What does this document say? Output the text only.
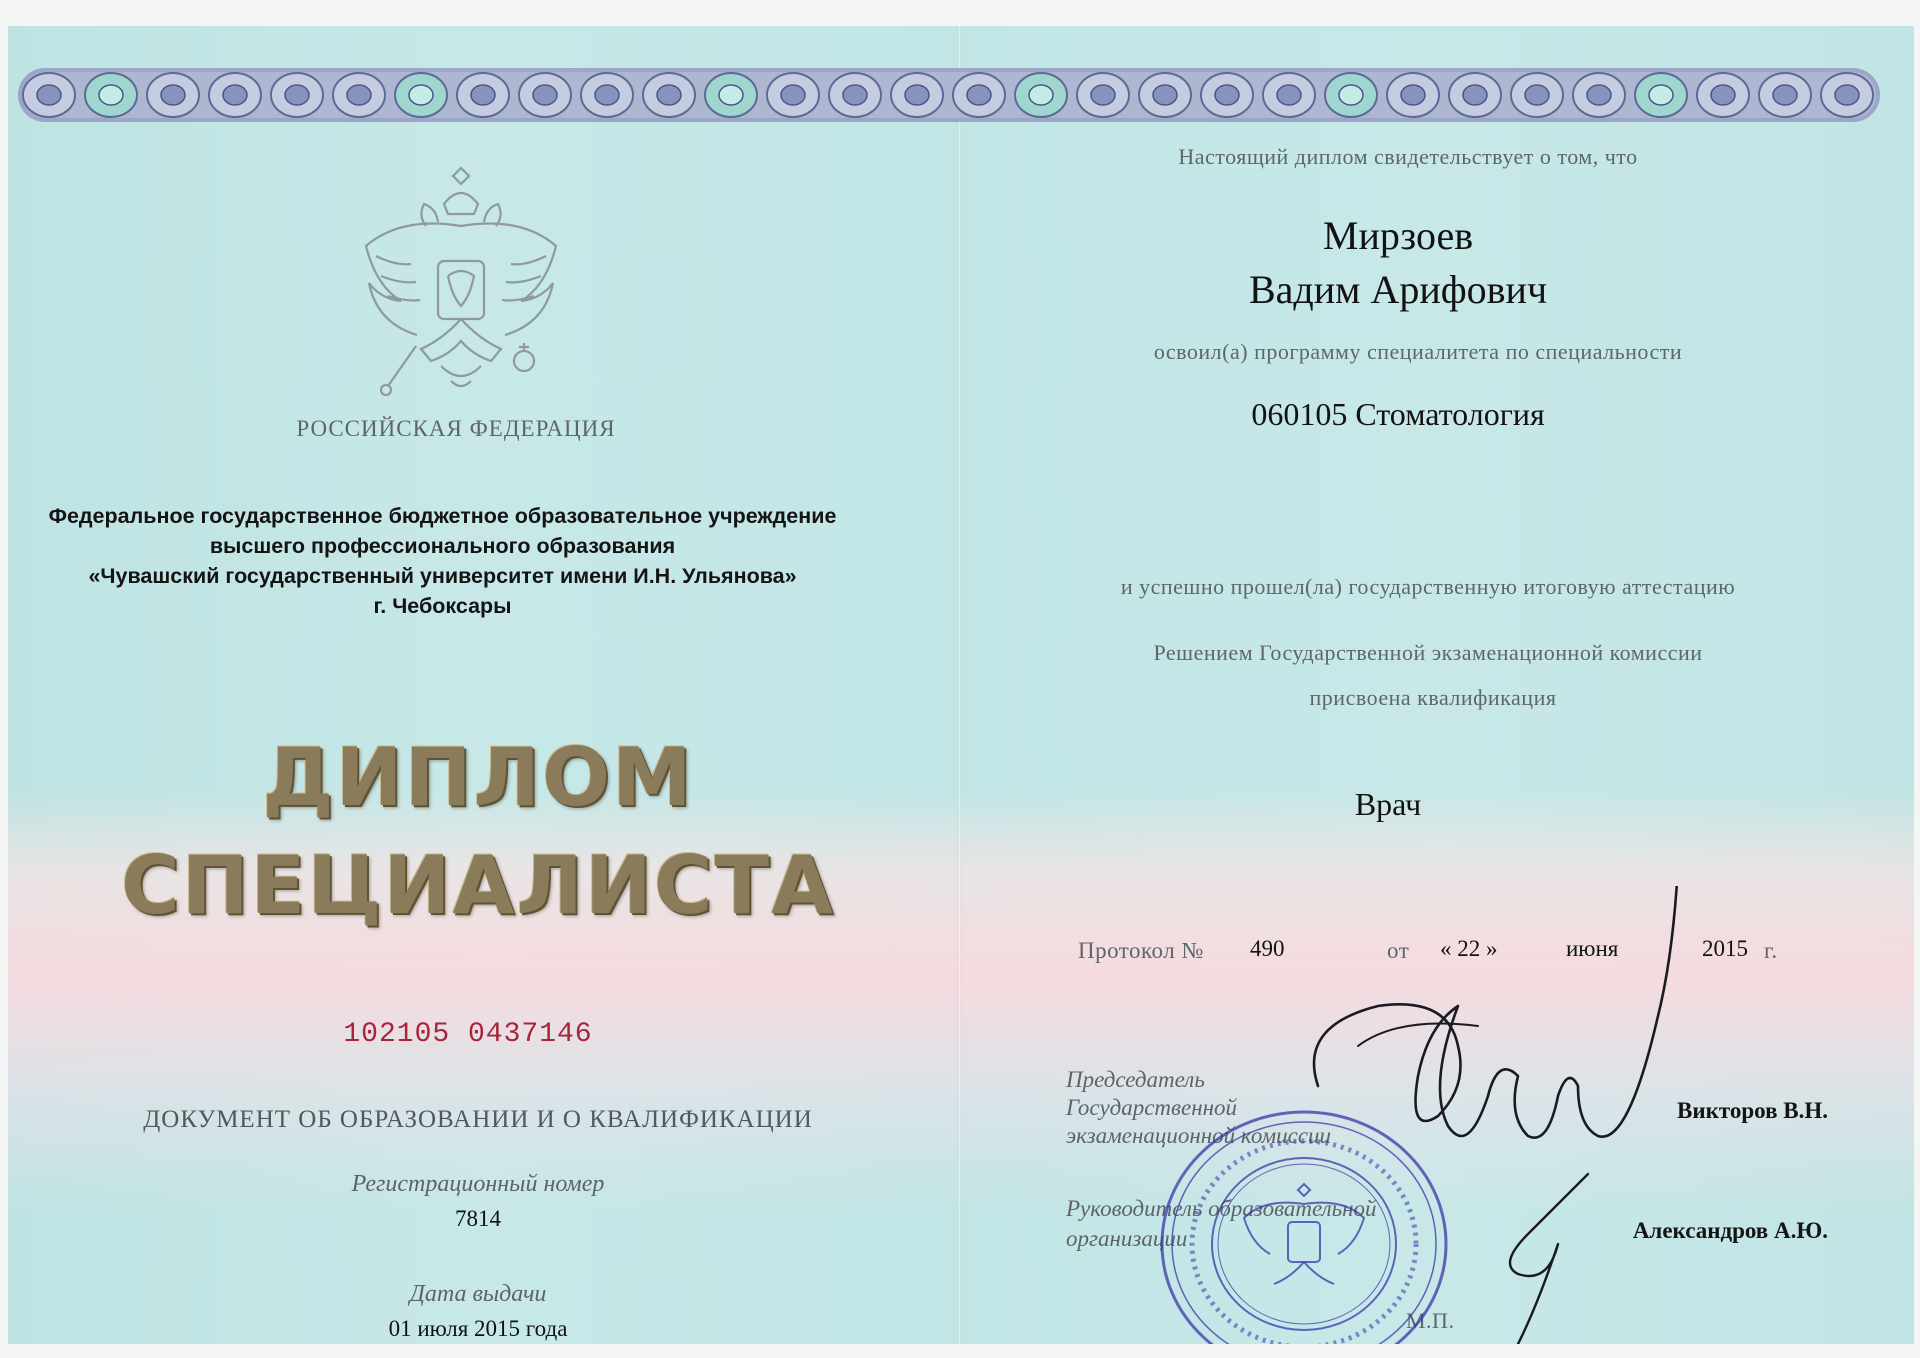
РОССИЙСКАЯ ФЕДЕРАЦИЯ
Федеральное государственное бюджетное образовательное учреждение
высшего профессионального образования
«Чувашский государственный университет имени И.Н. Ульянова»
г. Чебоксары
ДИПЛОМ
СПЕЦИАЛИСТА
102105 0437146
ДОКУМЕНТ ОБ ОБРАЗОВАНИИ И О КВАЛИФИКАЦИИ
Регистрационный номер
7814
Дата выдачи
01 июля 2015 года
Настоящий диплом свидетельствует о том, что
Мирзоев
Вадим Арифович
освоил(а) программу специалитета по специальности
060105 Стоматология
и успешно прошел(ла) государственную итоговую аттестацию
Решением Государственной экзаменационной комиссии
присвоена квалификация
Врач
Протокол №	490	от	« 22 »	июня	2015 г.
Председатель
Государственной
экзаменационной комиссии
Викторов В.Н.
Руководитель образовательной
организации	Александров А.Ю.
М.П.
